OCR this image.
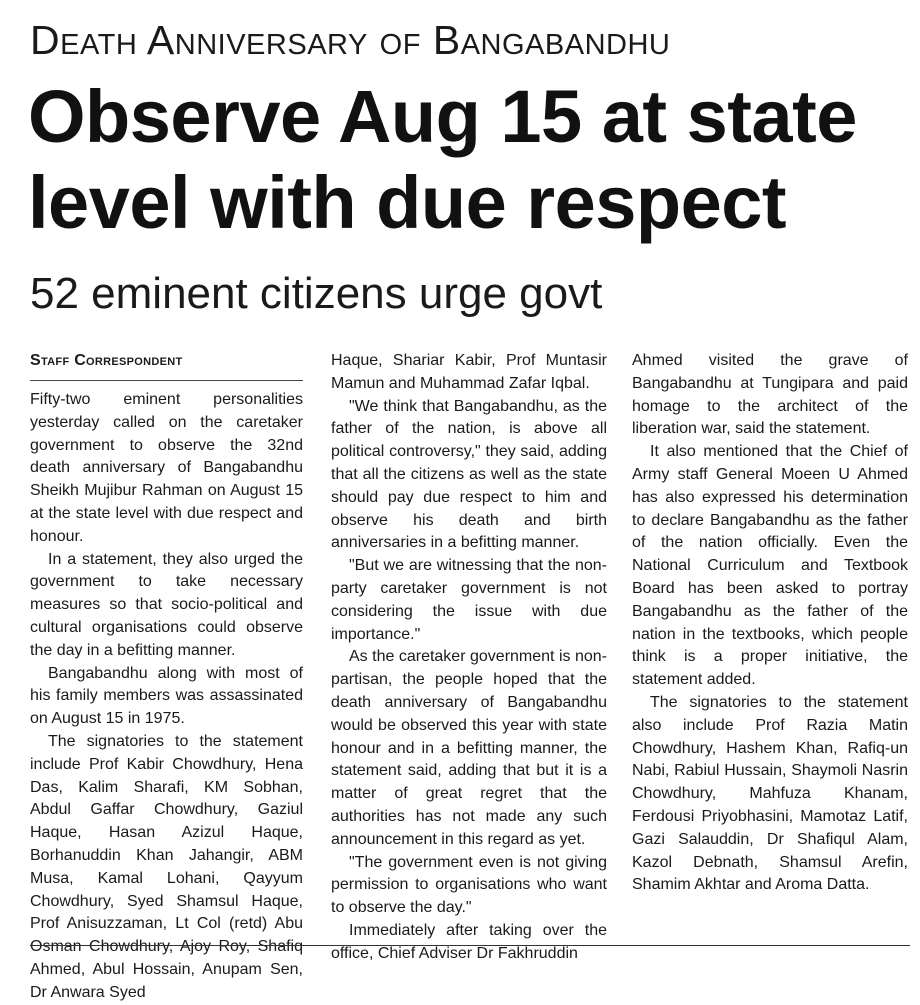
Death Anniversary of Bangabandhu
Observe Aug 15 at state level with due respect
52 eminent citizens urge govt
Staff Correspondent

Fifty-two eminent personalities yesterday called on the caretaker government to observe the 32nd death anniversary of Bangabandhu Sheikh Mujibur Rahman on August 15 at the state level with due respect and honour.

In a statement, they also urged the government to take necessary measures so that socio-political and cultural organisations could observe the day in a befitting manner.

Bangabandhu along with most of his family members was assassinated on August 15 in 1975.

The signatories to the statement include Prof Kabir Chowdhury, Hena Das, Kalim Sharafi, KM Sobhan, Abdul Gaffar Chowdhury, Gaziul Haque, Hasan Azizul Haque, Borhanuddin Khan Jahangir, ABM Musa, Kamal Lohani, Qayyum Chowdhury, Syed Shamsul Haque, Prof Anisuzzaman, Lt Col (retd) Abu Osman Chowdhury, Ajoy Roy, Shafiq Ahmed, Abul Hossain, Anupam Sen, Dr Anwara Syed

Haque, Shariar Kabir, Prof Muntasir Mamun and Muhammad Zafar Iqbal.

"We think that Bangabandhu, as the father of the nation, is above all political controversy," they said, adding that all the citizens as well as the state should pay due respect to him and observe his death and birth anniversaries in a befitting manner.

"But we are witnessing that the non-party caretaker government is not considering the issue with due importance."

As the caretaker government is non-partisan, the people hoped that the death anniversary of Bangabandhu would be observed this year with state honour and in a befitting manner, the statement said, adding that but it is a matter of great regret that the authorities has not made any such announcement in this regard as yet.

"The government even is not giving permission to organisations who want to observe the day."

Immediately after taking over the office, Chief Adviser Dr Fakhruddin

Ahmed visited the grave of Bangabandhu at Tungipara and paid homage to the architect of the liberation war, said the statement.

It also mentioned that the Chief of Army staff General Moeen U Ahmed has also expressed his determination to declare Bangabandhu as the father of the nation officially. Even the National Curriculum and Textbook Board has been asked to portray Bangabandhu as the father of the nation in the textbooks, which people think is a proper initiative, the statement added.

The signatories to the statement also include Prof Razia Matin Chowdhury, Hashem Khan, Rafiq-un Nabi, Rabiul Hussain, Shaymoli Nasrin Chowdhury, Mahfuza Khanam, Ferdousi Priyobhasini, Mamotaz Latif, Gazi Salauddin, Dr Shafiqul Alam, Kazol Debnath, Shamsul Arefin, Shamim Akhtar and Aroma Datta.
